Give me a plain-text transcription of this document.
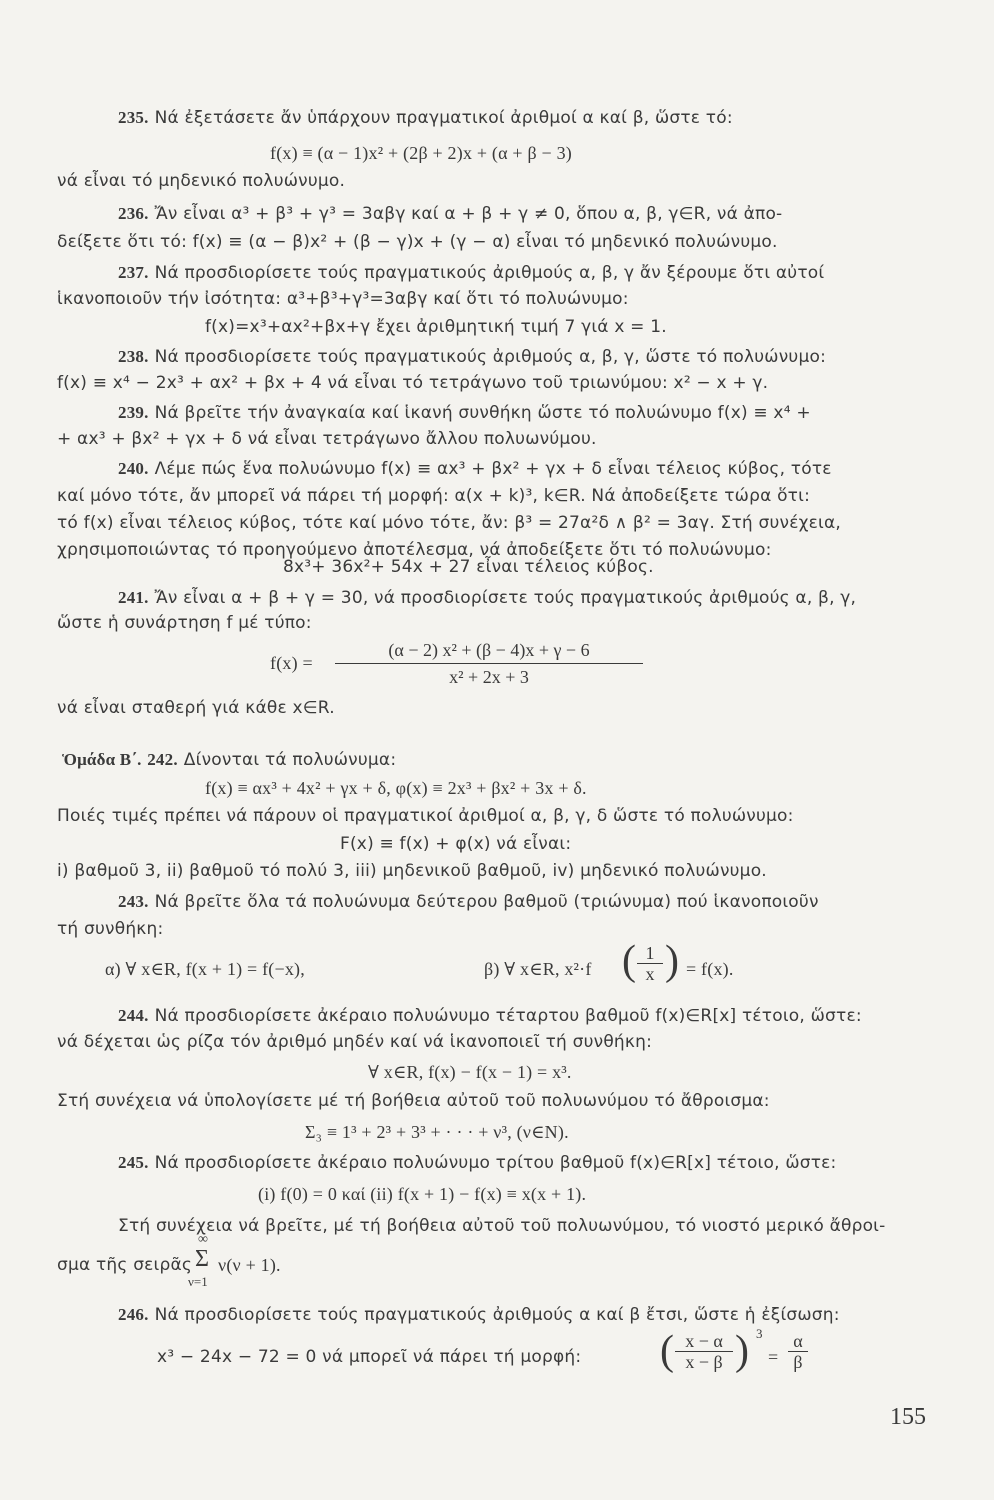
235. Νά ἐξετάσετε ἄν ὑπάρχουν πραγματικοί ἀριθμοί α καί β, ὥστε τό:
f(x) ≡ (α − 1)x² + (2β + 2)x + (α + β − 3)
νά εἶναι τό μηδενικό πολυώνυμο.
236. Ἄν εἶναι α³ + β³ + γ³ = 3αβγ καί α + β + γ ≠ 0, ὅπου α, β, γ∈R, νά ἀπο-
δείξετε ὅτι τό: f(x) ≡ (α − β)x² + (β − γ)x + (γ − α) εἶναι τό μηδενικό πολυώνυμο.
237. Νά προσδιορίσετε τούς πραγματικούς ἀριθμούς α, β, γ ἄν ξέρουμε ὅτι αὐτοί
ἱκανοποιοῦν τήν ἰσότητα: α³+β³+γ³=3αβγ καί ὅτι τό πολυώνυμο:
f(x)=x³+αx²+βx+γ ἔχει ἀριθμητική τιμή 7 γιά x = 1.
238. Νά προσδιορίσετε τούς πραγματικούς ἀριθμούς α, β, γ, ὥστε τό πολυώνυμο:
f(x) ≡ x⁴ − 2x³ + αx² + βx + 4 νά εἶναι τό τετράγωνο τοῦ τριωνύμου: x² − x + γ.
239. Νά βρεῖτε τήν ἀναγκαία καί ἱκανή συνθήκη ὥστε τό πολυώνυμο f(x) ≡ x⁴ +
+ αx³ + βx² + γx + δ νά εἶναι τετράγωνο ἄλλου πολυωνύμου.
240. Λέμε πώς ἕνα πολυώνυμο f(x) ≡ αx³ + βx² + γx + δ εἶναι τέλειος κύβος, τότε
καί μόνο τότε, ἄν μπορεῖ νά πάρει τή μορφή: α(x + k)³, k∈R. Νά ἀποδείξετε τώρα ὅτι:
τό f(x) εἶναι τέλειος κύβος, τότε καί μόνο τότε, ἄν: β³ = 27α²δ ∧ β² = 3αγ. Στή συνέχεια,
χρησιμοποιώντας τό προηγούμενο ἀποτέλεσμα, νά ἀποδείξετε ὅτι τό πολυώνυμο:
8x³+ 36x²+ 54x + 27 εἶναι τέλειος κύβος.
241. Ἄν εἶναι α + β + γ = 30, νά προσδιορίσετε τούς πραγματικούς ἀριθμούς α, β, γ,
ὥστε ἡ συνάρτηση f μέ τύπο:
f(x) =
(α − 2) x² + (β − 4)x + γ − 6
x² + 2x + 3
νά εἶναι σταθερή γιά κάθε x∈R.
Ὁμάδα Β΄. 242. Δίνονται τά πολυώνυμα:
f(x) ≡ αx³ + 4x² + γx + δ, φ(x) ≡ 2x³ + βx² + 3x + δ.
Ποιές τιμές πρέπει νά πάρουν οἱ πραγματικοί ἀριθμοί α, β, γ, δ ὥστε τό πολυώνυμο:
F(x) ≡ f(x) + φ(x) νά εἶναι:
i) βαθμοῦ 3, ii) βαθμοῦ τό πολύ 3, iii) μηδενικοῦ βαθμοῦ, iv) μηδενικό πολυώνυμο.
243. Νά βρεῖτε ὅλα τά πολυώνυμα δεύτερου βαθμοῦ (τριώνυμα) πού ἱκανοποιοῦν
τή συνθήκη:
α) ∀ x∈R, f(x + 1) = f(−x),	β) ∀ x∈R, x²·f ( 1
x ) = f(x).
244. Νά προσδιορίσετε ἀκέραιο πολυώνυμο τέταρτου βαθμοῦ f(x)∈R[x] τέτοιο, ὥστε:
νά δέχεται ὡς ρίζα τόν ἀριθμό μηδέν καί νά ἱκανοποιεῖ τή συνθήκη:
∀ x∈R, f(x) − f(x − 1) = x³.
Στή συνέχεια νά ὑπολογίσετε μέ τή βοήθεια αὐτοῦ τοῦ πολυωνύμου τό ἄθροισμα:
Σ₃ ≡ 1³ + 2³ + 3³ + · · · + ν³, (ν∈N).
245. Νά προσδιορίσετε ἀκέραιο πολυώνυμο τρίτου βαθμοῦ f(x)∈R[x] τέτοιο, ὥστε:
(i) f(0) = 0 καί (ii) f(x + 1) − f(x) ≡ x(x + 1).
Στή συνέχεια νά βρεῖτε, μέ τή βοήθεια αὐτοῦ τοῦ πολυωνύμου, τό νιοστό μερικό ἄθροι-
σμα τῆς σειρᾶς
∞
Σ
ν=1
ν(ν + 1).
246. Νά προσδιορίσετε τούς πραγματικούς ἀριθμούς α καί β ἔτσι, ὥστε ἡ ἐξίσωση:
x³ − 24x − 72 = 0 νά μπορεῖ νά πάρει τή μορφή: ( x − α
x − β ) 3
=
α
β
155
